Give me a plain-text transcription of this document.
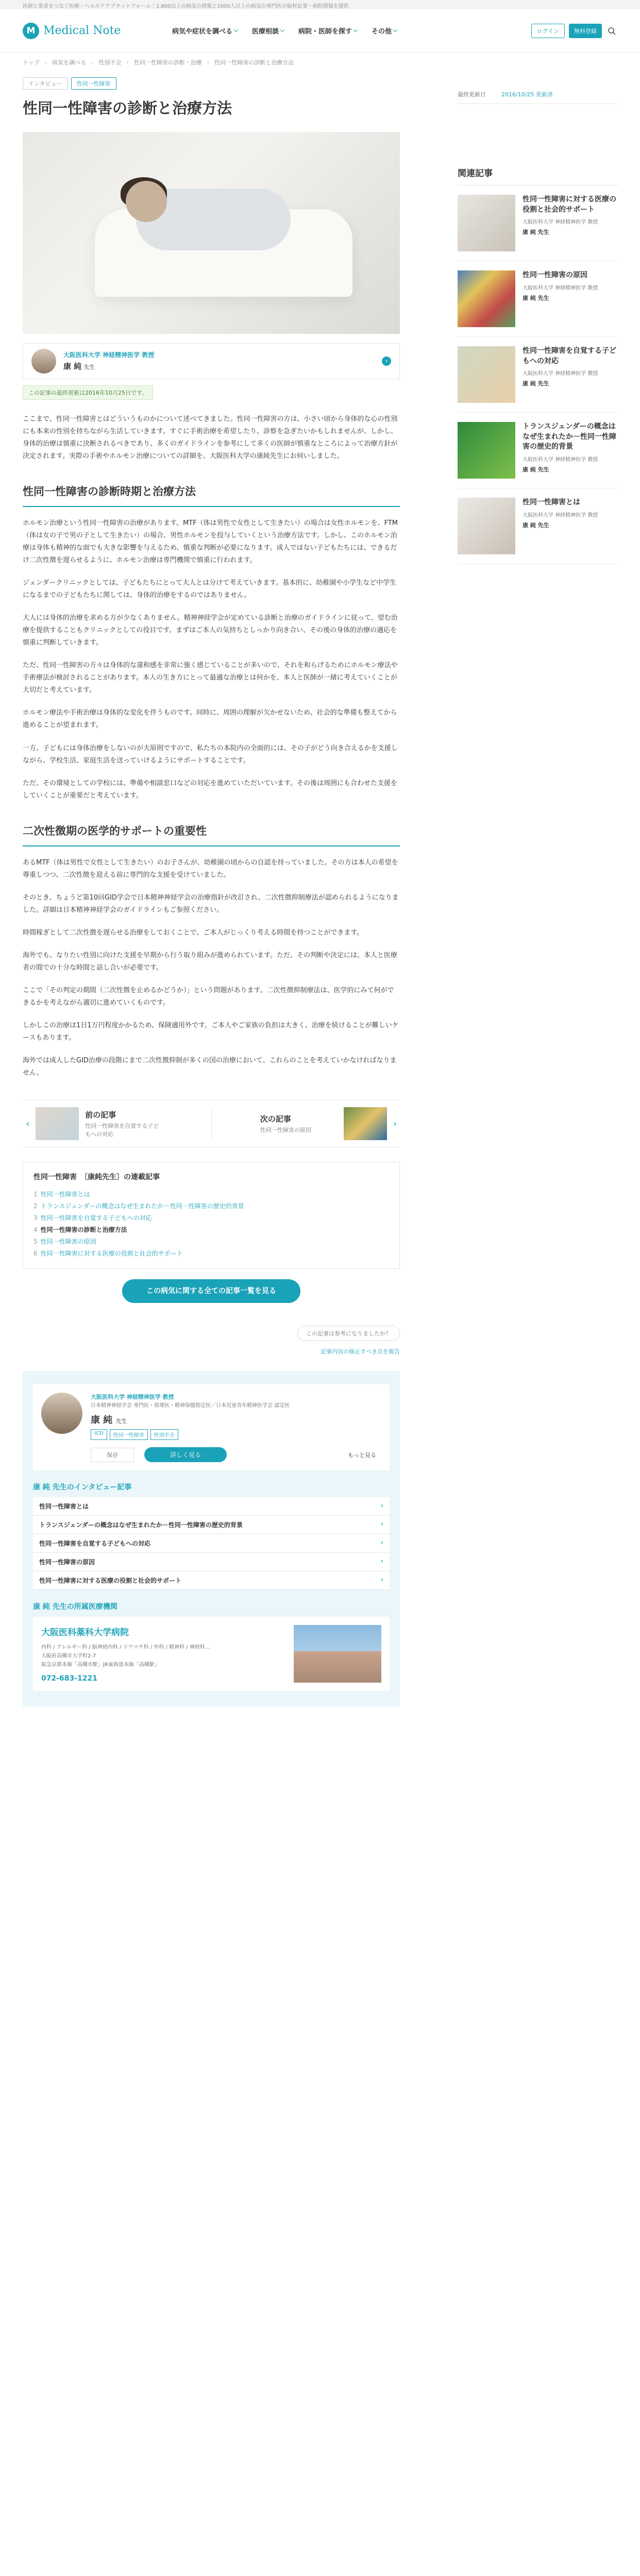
医師と患者をつなぐ医療・ヘルスケアプラットフォーム｜1,800以上の病気の情報と1000人以上の病気の専門医が取材記事・病院情報を提供
M Medical Note	病気や症状を調べる	医療相談	病院・医師を探す	その他	ログイン	無料登録
トップ › 病気を調べる › 性別不全 › 性同一性障害の診断・治療 › 性同一性障害の診断と治療方法
インタビュー	性同一性障害
性同一性障害の診断と治療方法
大阪医科大学 神経精神医学 教授
康 純 先生
›
この記事の最終更新は2016年10月25日です。

ここまで、性同一性障害とはどういうものかについて述べてきました。性同一性障害の方は、小さい頃から身体的な心の性別にも本来の性別を持ちながら生活していきます。すぐに手術治療を希望したり、診察を急ぎたいかもしれませんが、しかし、身体的治療は慎重に決断されるべきであり、多くのガイドラインを参考にして多くの医師が慎重なところによって治療方針が決定されます。実際の手術やホルモン治療についての詳細を、大阪医科大学の康純先生にお伺いしました。

性同一性障害の診断時期と治療方法

ホルモン治療という性同一性障害の治療があります。MTF（体は男性で女性として生きたい）の場合は女性ホルモンを、FTM（体は女の子で男の子として生きたい）の場合、男性ホルモンを投与していくという治療方法です。しかし、このホルモン治療は身体も精神的な面でも大きな影響を与えるため、慎重な判断が必要になります。成人ではない子どもたちには、できるだけ二次性徴を遅らせるように、ホルモン治療は専門機関で慎重に行われます。

ジェンダークリニックとしては、子どもたちにとって大人とは分けて考えていきます。基本的に、幼稚園や小学生など中学生になるまでの子どもたちに関しては、身体的治療をするのではありません。

大人には身体的治療を求める方が少なくありません。精神神経学会が定めている診断と治療のガイドラインに従って、望む治療を提供することもクリニックとしての役目です。まずはご本人の気持ちとしっかり向き合い、その後の身体的治療の適応を慎重に判断していきます。

ただ、性同一性障害の方々は身体的な違和感を非常に強く感じていることが多いので、それを和らげるためにホルモン療法や手術療法が検討されることがあります。本人の生き方にとって最適な治療とは何かを、本人と医師が一緒に考えていくことが大切だと考えています。

ホルモン療法や手術治療は身体的な変化を伴うものです。同時に、周囲の理解が欠かせないため、社会的な準備も整えてから進めることが望まれます。

一方、子どもには身体治療をしないのが大原則ですので、私たちの本院内の全面的には、その子がどう向き合えるかを支援しながら、学校生活、家庭生活を送っていけるようにサポートすることです。

ただ、その環境としての学校には、準備や相談窓口などの対応を進めていただいています。その後は周囲にも合わせた支援をしていくことが重要だと考えています。

二次性徴期の医学的サポートの重要性

あるMTF（体は男性で女性として生きたい）のお子さんが、幼稚園の頃からの自認を持っていました。その方は本人の希望を尊重しつつ、二次性徴を迎える前に専門的な支援を受けていました。

そのとき、ちょうど第10回GID学会で日本精神神経学会の治療指針が改訂され、二次性徴抑制療法が認められるようになりました。詳細は日本精神神経学会のガイドラインもご参照ください。

時間稼ぎとして二次性徴を遅らせる治療をしておくことで、ご本人がじっくり考える時間を持つことができます。

海外でも、なりたい性別に向けた支援を早期から行う取り組みが進められています。ただ、その判断や決定には、本人と医療者の間での十分な時間と話し合いが必要です。

ここで「その判定の期間（二次性徴を止めるかどうか）」という問題があります。二次性徴抑制療法は、医学的にみて何ができるかを考えながら適切に進めていくものです。

しかしこの治療は1日1万円程度かかるため、保険適用外です。ご本人やご家族の負担は大きく、治療を続けることが難しいケースもあります。

海外では成人したGID治療の段階にまで二次性徴抑制が多くの国の治療において、これらのことを考えていかなければなりません。

‹
前の記事
性同一性障害を自覚する子どもへの対応
次の記事
性同一性障害の原因
›
性同一性障害　〔康純先生〕の連載記事
1 性同一性障害とは
2 トランスジェンダーの概念はなぜ生まれたか－性同一性障害の歴史的背景
3 性同一性障害を自覚する子どもへの対応
4 性同一性障害の診断と治療方法
5 性同一性障害の原因
6 性同一性障害に対する医療の役割と社会的サポート
この病気に関する全ての記事一覧を見る
この記事は参考になりましたか？
記事内容の修正すべき点を報告
大阪医科大学 神経精神医学 教授
日本精神神経学会 専門医・指導医・精神保健指定医／日本児童青年精神医学会 認定医
康 純 先生
ICD	性同一性障害	性別不全
保存	詳しく見る	もっと見る
康 純 先生のインタビュー記事
性同一性障害とは
›
トランスジェンダーの概念はなぜ生まれたか－性同一性障害の歴史的背景
›
性同一性障害を自覚する子どもへの対応
›
性同一性障害の原因
›
性同一性障害に対する医療の役割と社会的サポート
›
康 純 先生の所属医療機関
大阪医科薬科大学病院
内科 / アレルギー科 / 脳神経内科 / リウマチ科 / 外科 / 精神科 / 神経科...
大阪府高槻市大学町2-7
阪急京都本線「高槻市駅」JR東海道本線「高槻駅」
072-683-1221
最終更新日	2016/10/25 更新済
関連記事
性同一性障害に対する医療の役割と社会的サポート
大阪医科大学 神経精神医学 教授
康 純 先生
性同一性障害の原因
大阪医科大学 神経精神医学 教授
康 純 先生
性同一性障害を自覚する子どもへの対応
大阪医科大学 神経精神医学 教授
康 純 先生
トランスジェンダーの概念はなぜ生まれたか－性同一性障害の歴史的背景
大阪医科大学 神経精神医学 教授
康 純 先生
性同一性障害とは
大阪医科大学 神経精神医学 教授
康 純 先生
